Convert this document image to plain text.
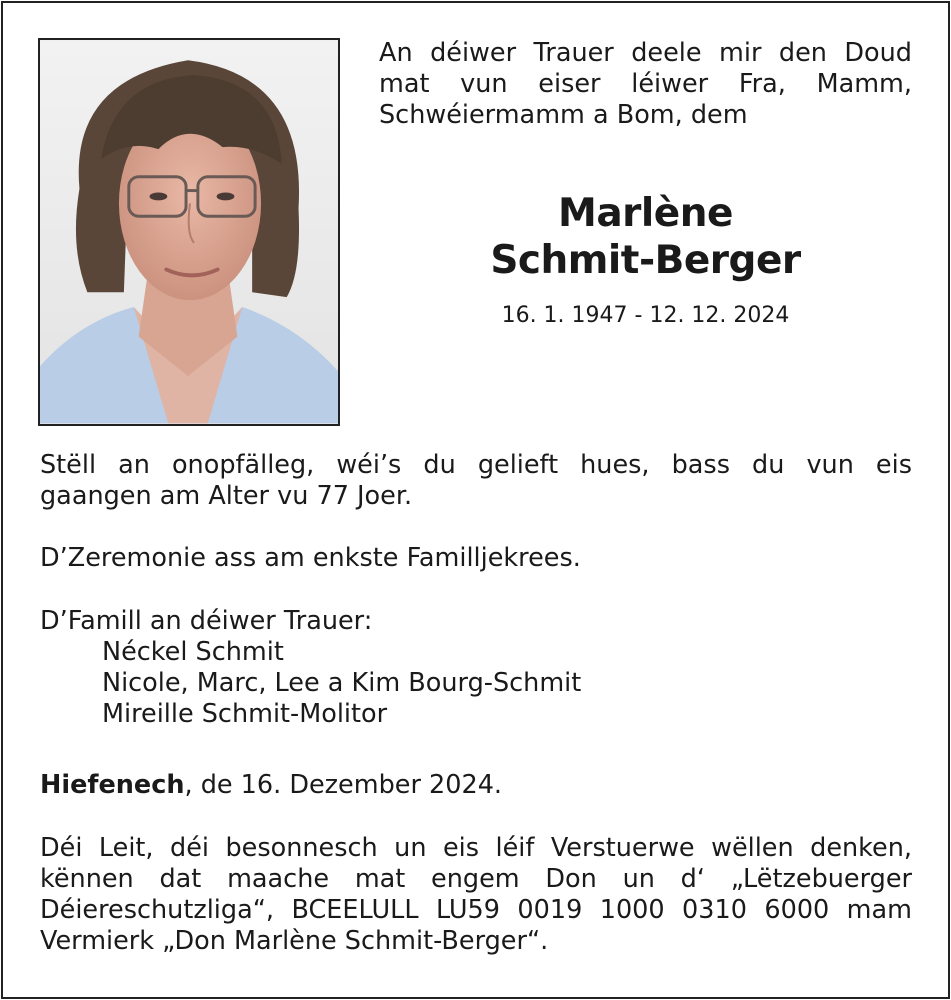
An déiwer Trauer deele mir den Doud
mat vun eiser léiwer Fra, Mamm,
Schwéiermamm a Bom, dem
Marlène
Schmit-Berger
16. 1. 1947 - 12. 12. 2024
Stëll an onopfälleg, wéi’s du gelieft hues, bass du vun eis
gaangen am Alter vu 77 Joer.
D’Zeremonie ass am enkste Familljekrees.
D’Famill an déiwer Trauer:
Néckel Schmit
Nicole, Marc, Lee a Kim Bourg-Schmit
Mireille Schmit-Molitor
Hiefenech, de 16. Dezember 2024.
Déi Leit, déi besonnesch un eis léif Verstuerwe wëllen denken,
kënnen dat maache mat engem Don un d‘ „Lëtzebuerger
Déiereschutzliga“, BCEELULL LU59 0019 1000 0310 6000 mam
Vermierk „Don Marlène Schmit-Berger“.
